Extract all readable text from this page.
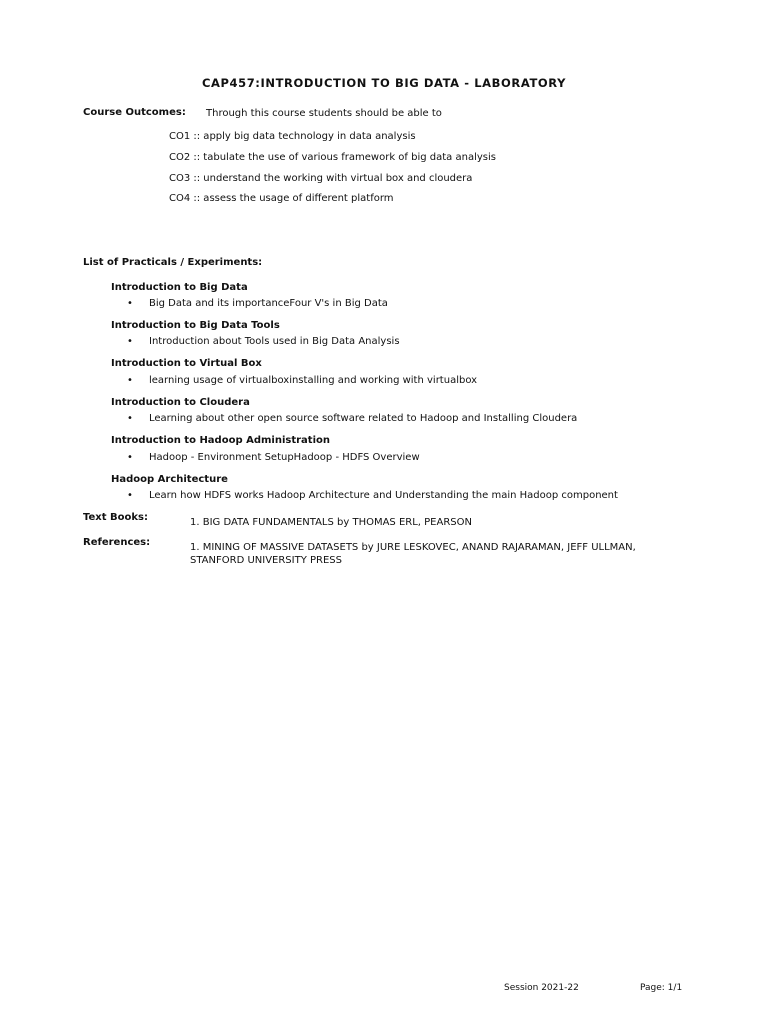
CAP457:INTRODUCTION TO BIG DATA - LABORATORY
Course Outcomes: Through this course students should be able to
CO1 :: apply big data technology in data analysis
CO2 :: tabulate the use of various framework of big data analysis
CO3 :: understand the working with virtual box and cloudera
CO4 :: assess the usage of different platform
List of Practicals / Experiments:
Introduction to Big Data
• Big Data and its importanceFour V's in Big Data
Introduction to Big Data Tools
• Introduction about Tools used in Big Data Analysis
Introduction to Virtual Box
• learning usage of virtualboxinstalling and working with virtualbox
Introduction to Cloudera
• Learning about other open source software related to Hadoop and Installing Cloudera
Introduction to Hadoop Administration
• Hadoop - Environment SetupHadoop - HDFS Overview
Hadoop Architecture
• Learn how HDFS works Hadoop Architecture and Understanding the main Hadoop component
Text Books:	1. BIG DATA FUNDAMENTALS by THOMAS ERL, PEARSON
References:	1. MINING OF MASSIVE DATASETS by JURE LESKOVEC, ANAND RAJARAMAN, JEFF ULLMAN,
STANFORD UNIVERSITY PRESS
Session 2021-22	Page: 1/1
